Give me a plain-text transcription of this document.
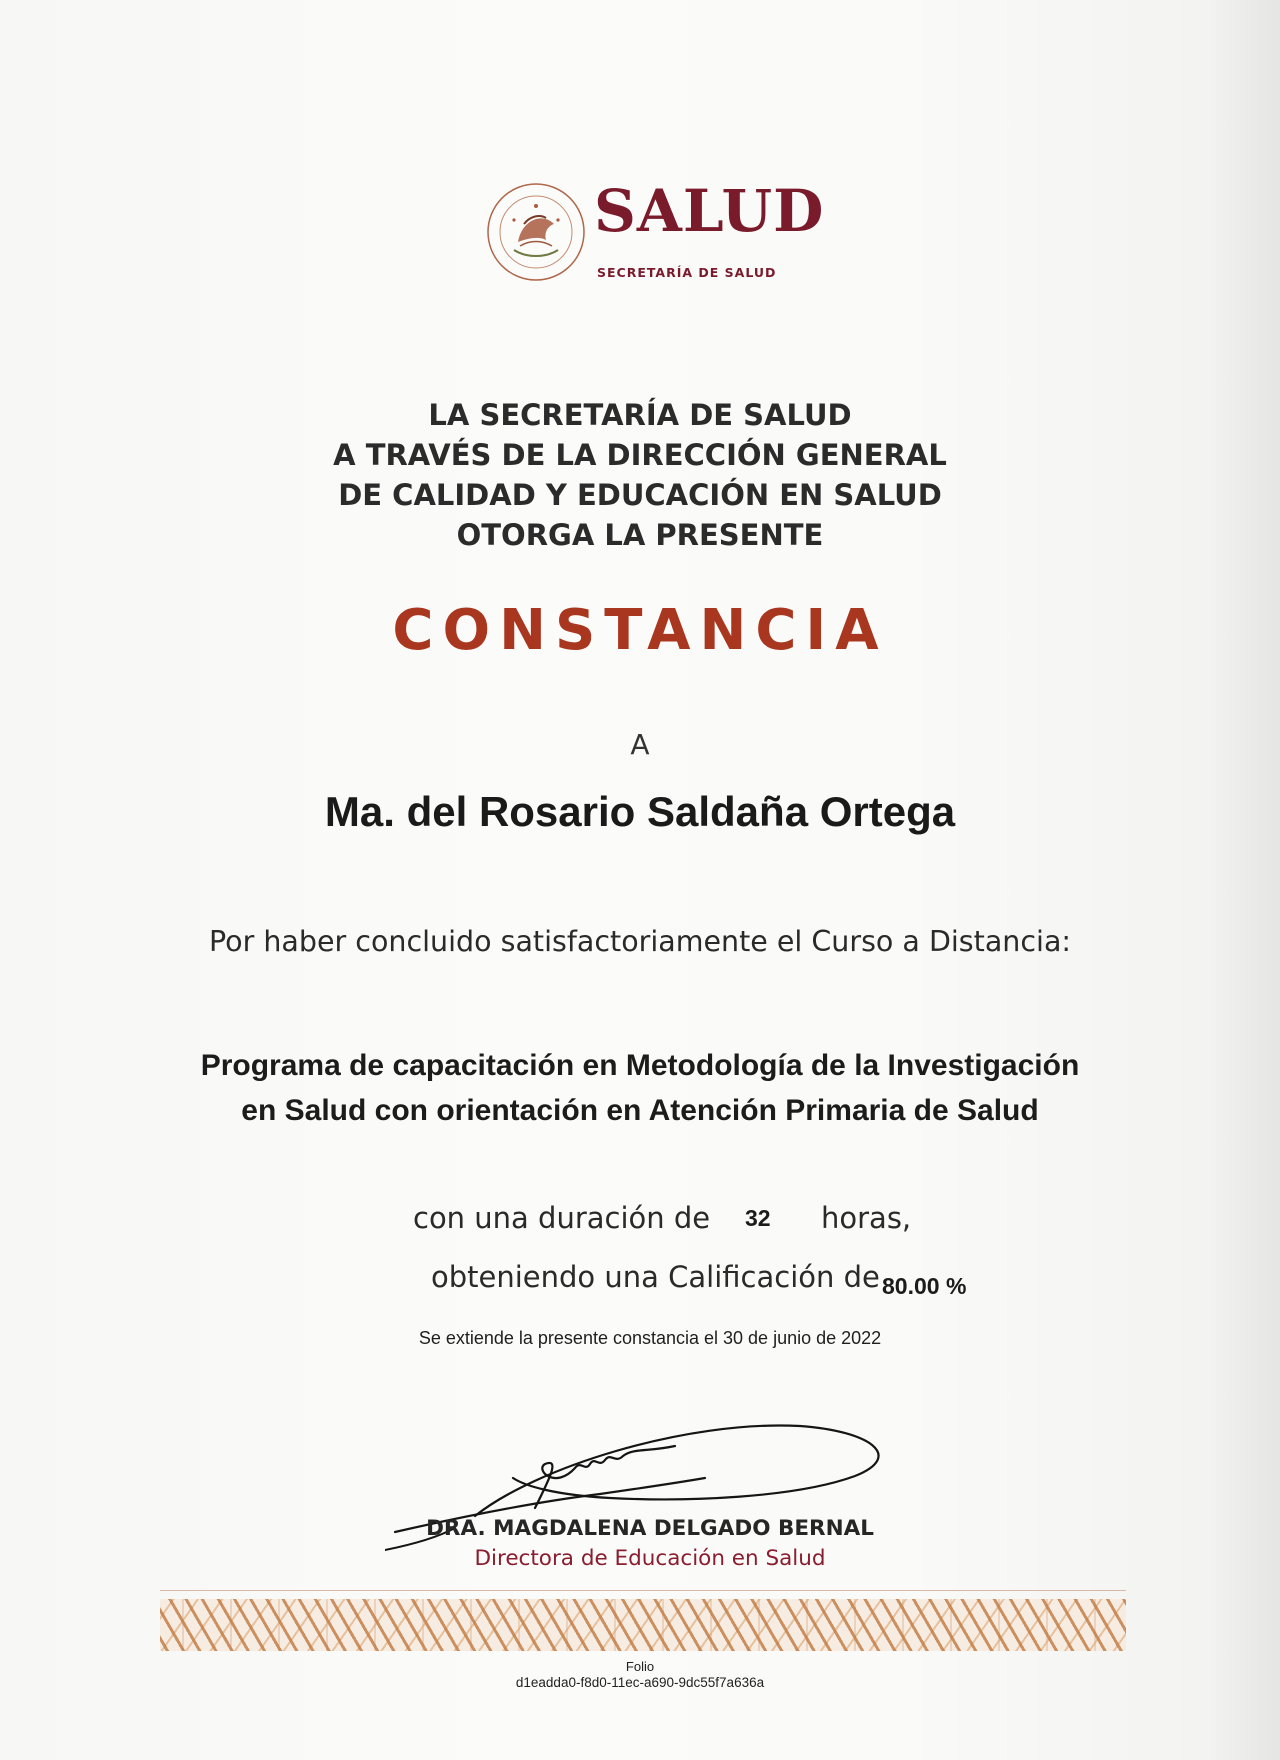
SALUD
SECRETARÍA DE SALUD
LA SECRETARÍA DE SALUD
A TRAVÉS DE LA DIRECCIÓN GENERAL
DE CALIDAD Y EDUCACIÓN EN SALUD
OTORGA LA PRESENTE
CONSTANCIA
A
Ma. del Rosario Saldaña Ortega
Por haber concluido satisfactoriamente el Curso a Distancia:
Programa de capacitación en Metodología de la Investigación
en Salud con orientación en Atención Primaria de Salud
con una duración de 32 horas,
obteniendo una Calificación de 80.00 %
Se extiende la presente constancia el 30 de junio de 2022
DRA. MAGDALENA DELGADO BERNAL
Directora de Educación en Salud
Folio
d1eadda0-f8d0-11ec-a690-9dc55f7a636a
